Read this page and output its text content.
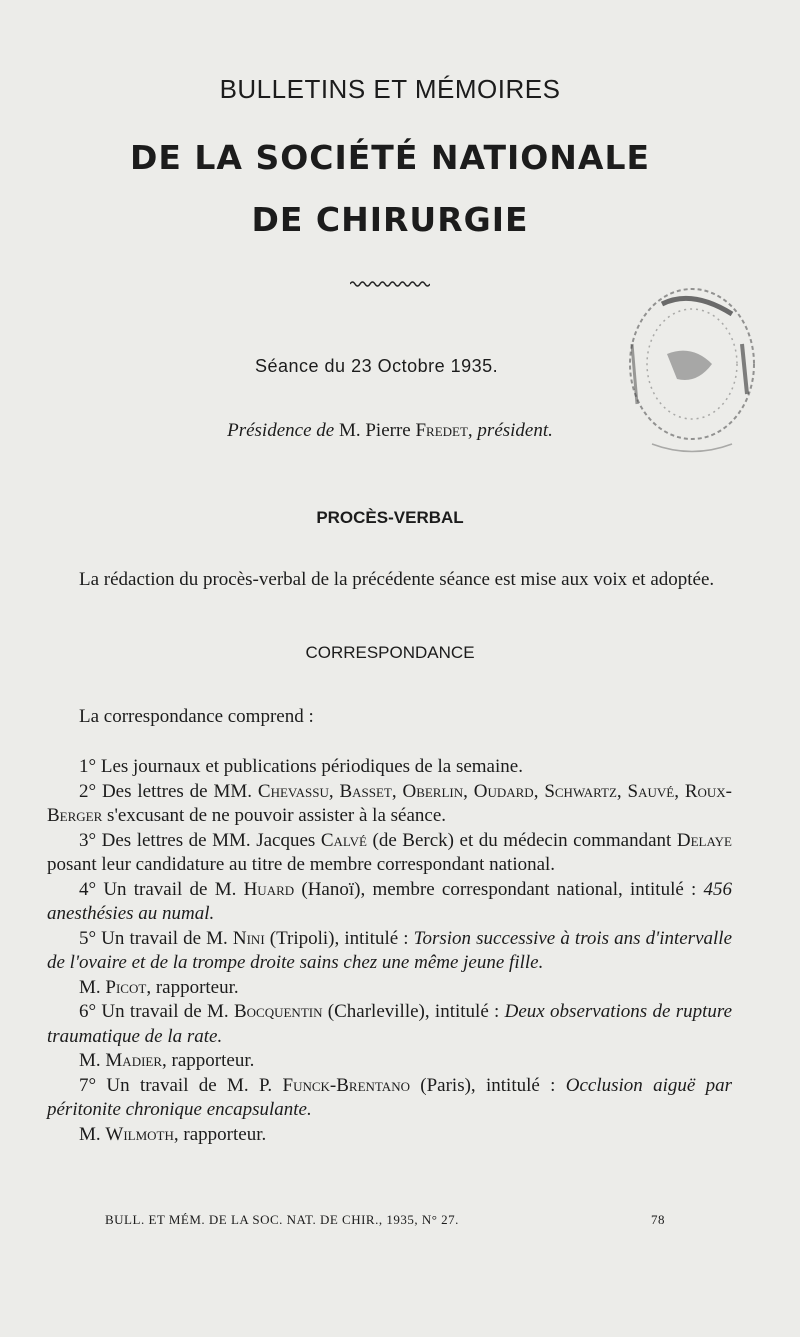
BULLETINS ET MÉMOIRES
DE LA SOCIÉTÉ NATIONALE
DE CHIRURGIE
Séance du 23 Octobre 1935.
Présidence de M. Pierre Fredet, président.
PROCÈS-VERBAL

La rédaction du procès-verbal de la précédente séance est mise aux voix et adoptée.

CORRESPONDANCE

La correspondance comprend :

1° Les journaux et publications périodiques de la semaine.

2° Des lettres de MM. Chevassu, Basset, Oberlin, Oudard, Schwartz, Sauvé, Roux-Berger s'excusant de ne pouvoir assister à la séance.

3° Des lettres de MM. Jacques Calvé (de Berck) et du médecin commandant Delaye posant leur candidature au titre de membre correspondant national.

4° Un travail de M. Huard (Hanoï), membre correspondant national, intitulé : 456 anesthésies au numal.

5° Un travail de M. Nini (Tripoli), intitulé : Torsion successive à trois ans d'intervalle de l'ovaire et de la trompe droite sains chez une même jeune fille.

M. Picot, rapporteur.

6° Un travail de M. Bocquentin (Charleville), intitulé : Deux observations de rupture traumatique de la rate.

M. Madier, rapporteur.

7° Un travail de M. P. Funck-Brentano (Paris), intitulé : Occlusion aiguë par péritonite chronique encapsulante.

M. Wilmoth, rapporteur.

BULL. ET MÉM. DE LA SOC. NAT. DE CHIR., 1935, N° 27.	78
